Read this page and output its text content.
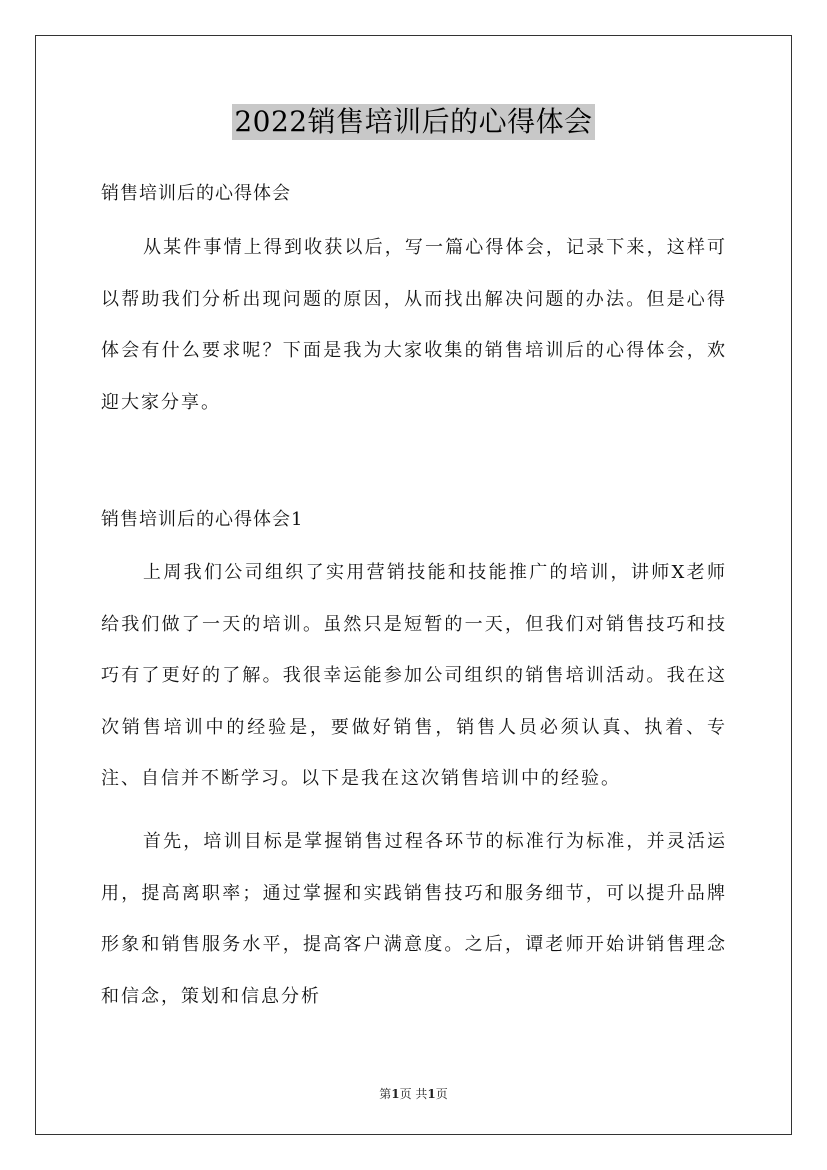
2022销售培训后的心得体会
销售培训后的心得体会

从某件事情上得到收获以后，写一篇心得体会，记录下来，这样可以帮助我们分析出现问题的原因，从而找出解决问题的办法。但是心得体会有什么要求呢？下面是我为大家收集的销售培训后的心得体会，欢迎大家分享。

销售培训后的心得体会1

上周我们公司组织了实用营销技能和技能推广的培训，讲师X老师给我们做了一天的培训。虽然只是短暂的一天，但我们对销售技巧和技巧有了更好的了解。我很幸运能参加公司组织的销售培训活动。我在这次销售培训中的经验是，要做好销售，销售人员必须认真、执着、专注、自信并不断学习。以下是我在这次销售培训中的经验。

首先，培训目标是掌握销售过程各环节的标准行为标准，并灵活运用，提高离职率；通过掌握和实践销售技巧和服务细节，可以提升品牌形象和销售服务水平，提高客户满意度。之后，谭老师开始讲销售理念和信念，策划和信息分析

第1页 共1页
